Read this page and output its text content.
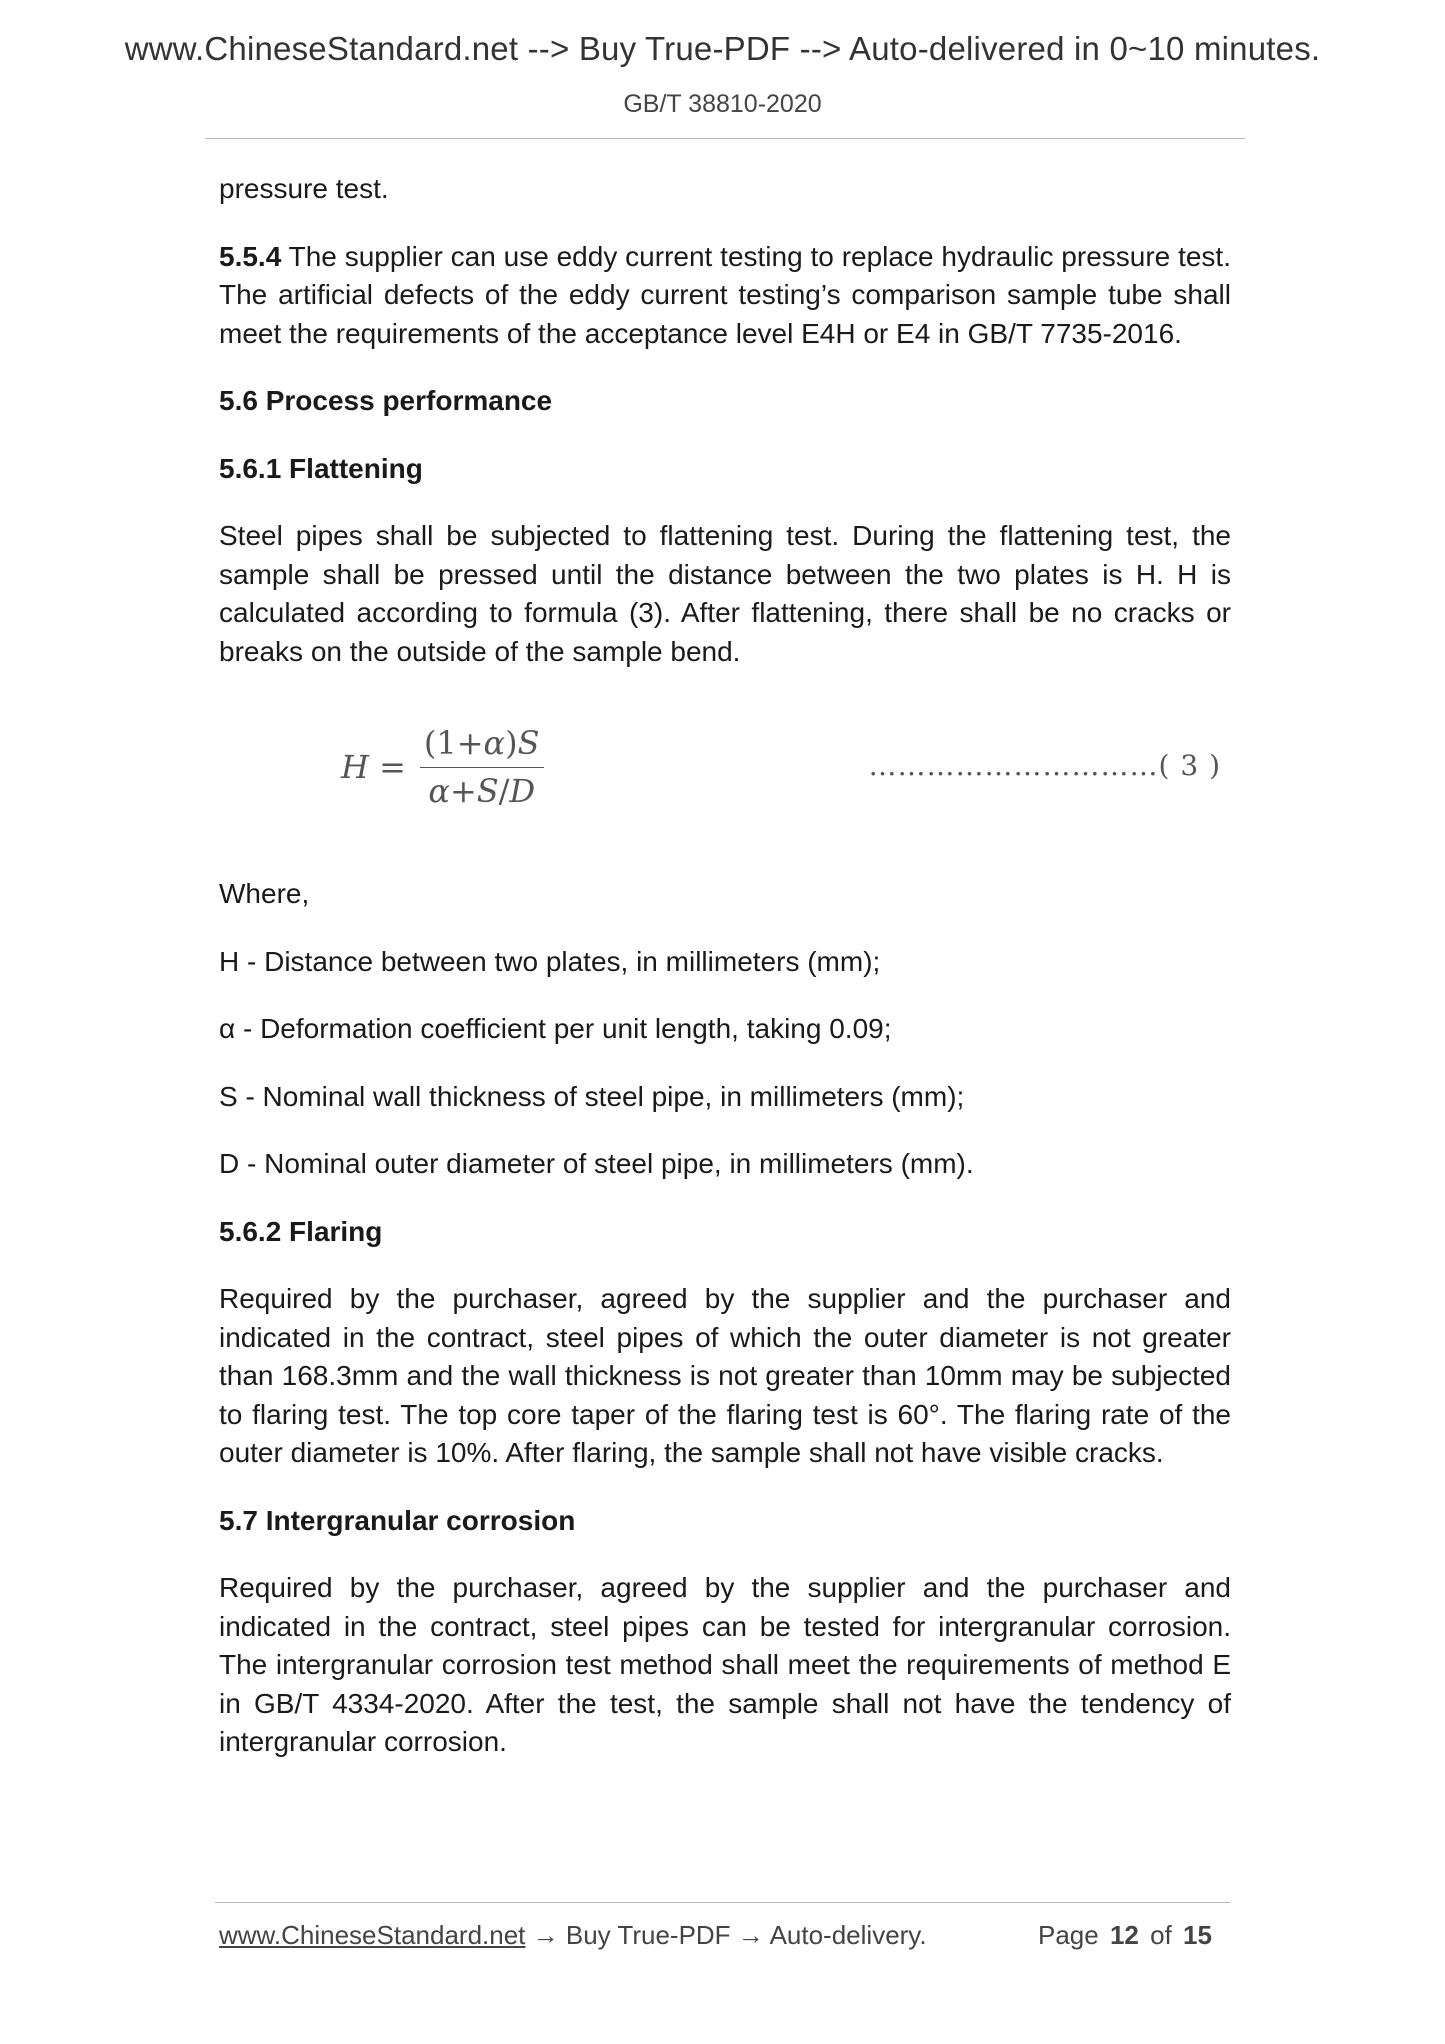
www.ChineseStandard.net --> Buy True-PDF --> Auto-delivered in 0~10 minutes.
GB/T 38810-2020

pressure test.

5.5.4 The supplier can use eddy current testing to replace hydraulic pressure test. The artificial defects of the eddy current testing’s comparison sample tube shall meet the requirements of the acceptance level E4H or E4 in GB/T 7735-2016.

5.6 Process performance

5.6.1 Flattening

Steel pipes shall be subjected to flattening test. During the flattening test, the sample shall be pressed until the distance between the two plates is H. H is calculated according to formula (3). After flattening, there shall be no cracks or breaks on the outside of the sample bend.

$H = \frac{(1+\alpha)S}{\alpha+S/D}$	…………………………( 3 )

Where,

H - Distance between two plates, in millimeters (mm);

α - Deformation coefficient per unit length, taking 0.09;

S - Nominal wall thickness of steel pipe, in millimeters (mm);

D - Nominal outer diameter of steel pipe, in millimeters (mm).

5.6.2 Flaring

Required by the purchaser, agreed by the supplier and the purchaser and indicated in the contract, steel pipes of which the outer diameter is not greater than 168.3mm and the wall thickness is not greater than 10mm may be subjected to flaring test. The top core taper of the flaring test is 60°. The flaring rate of the outer diameter is 10%. After flaring, the sample shall not have visible cracks.

5.7 Intergranular corrosion

Required by the purchaser, agreed by the supplier and the purchaser and indicated in the contract, steel pipes can be tested for intergranular corrosion. The intergranular corrosion test method shall meet the requirements of method E in GB/T 4334-2020. After the test, the sample shall not have the tendency of intergranular corrosion.

www.ChineseStandard.net → Buy True-PDF → Auto-delivery.	Page 12 of 15
